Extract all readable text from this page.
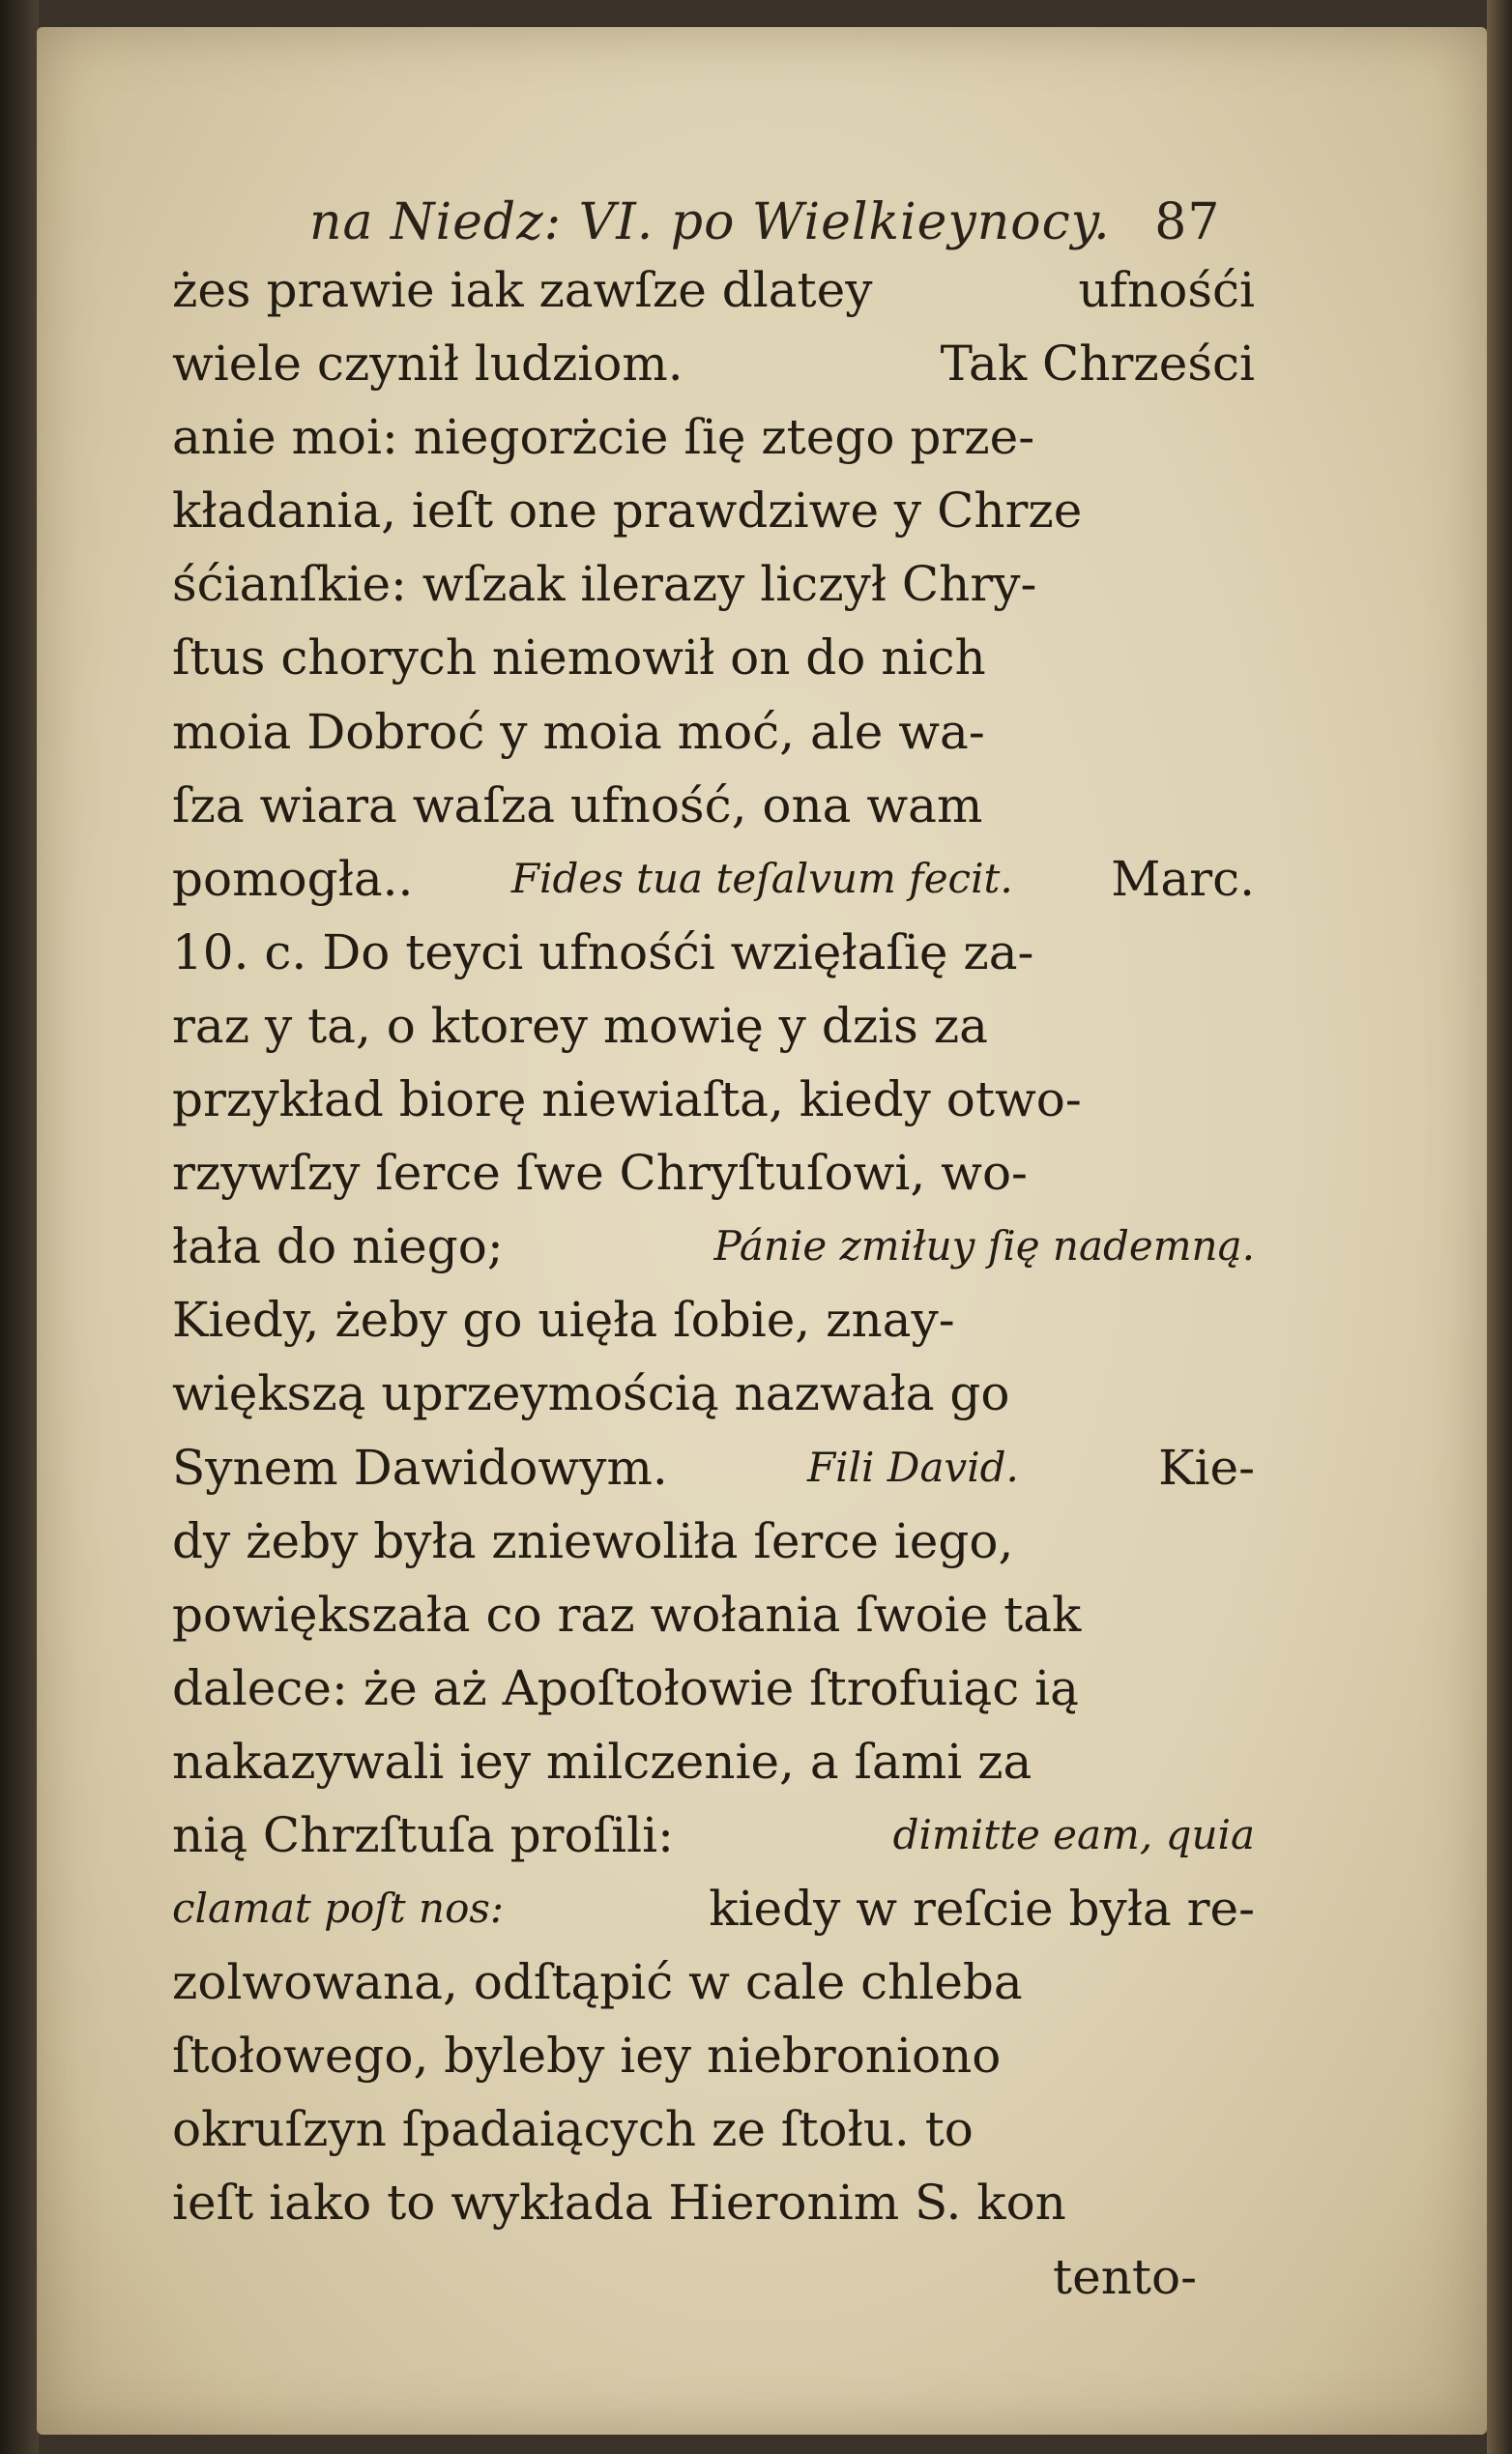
na Niedz: VI. po Wielkieynocy. 87
żes prawie iak zawſze dlatey	ufnośći
wiele czynił ludziom.	Tak Chrześci
anie moi: niegorżcie ſię ztego prze-
kładania, ieſt one prawdziwe y Chrze
śćianſkie: wſzak ilerazy liczył Chry-
ſtus chorych niemowił on do nich
moia Dobroć y moia moć, ale wa-
ſza wiara waſza ufność, ona wam
pomogła.. Fides tua teſalvum fecit. Marc.
10. c. Do teyci ufnośći wzięłaſię za-
raz y ta, o ktorey mowię y dzis za
przykład biorę niewiaſta, kiedy otwo-
rzywſzy ſerce ſwe Chryſtuſowi, wo-
łała do niego;	Pánie zmiłuy ſię nademną.
Kiedy, żeby go uięła ſobie, znay-
większą uprzeymością nazwała go
Synem Dawidowym.	Fili David.	Kie-
dy żeby była zniewoliła ſerce iego,
powiększała co raz wołania ſwoie tak
dalece: że aż Apoſtołowie ſtrofuiąc ią
nakazywali iey milczenie, a ſami za
nią Chrzſtuſa proſili:	dimitte eam, quia
clamat poſt nos:	kiedy w reſcie była re-
zolwowana, odſtąpić w cale chleba
ſtołowego, byleby iey niebroniono
okruſzyn ſpadaiących ze ſtołu. to
ieſt iako to wykłada Hieronim S. kon
tento-
